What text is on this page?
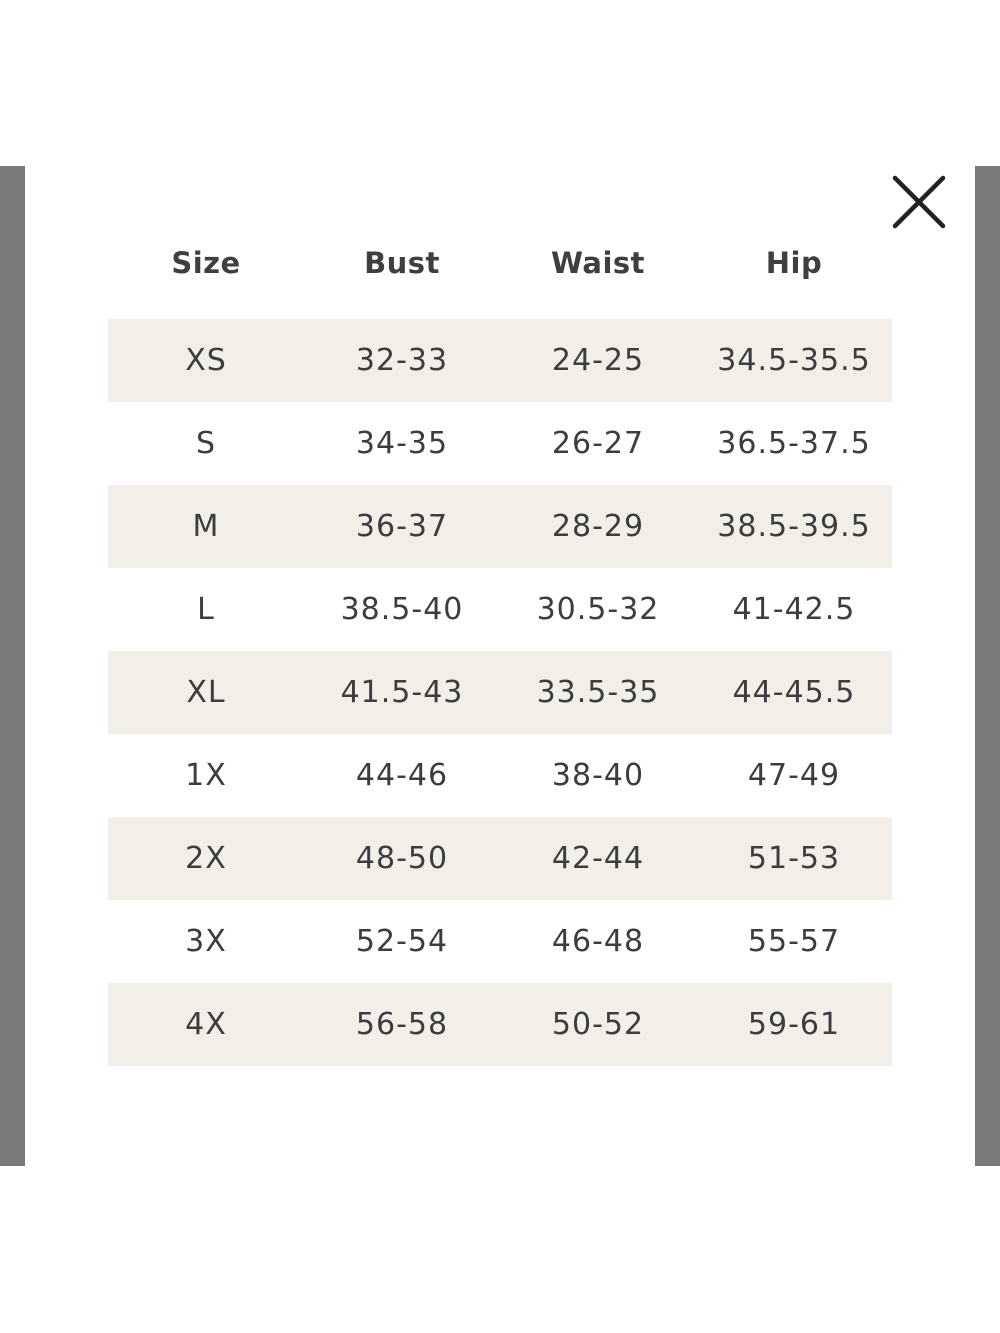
Size	Bust	Waist	Hip
XS	32-33	24-25	34.5-35.5
S	34-35	26-27	36.5-37.5
M	36-37	28-29	38.5-39.5
L	38.5-40	30.5-32	41-42.5
XL	41.5-43	33.5-35	44-45.5
1X	44-46	38-40	47-49
2X	48-50	42-44	51-53
3X	52-54	46-48	55-57
4X	56-58	50-52	59-61
